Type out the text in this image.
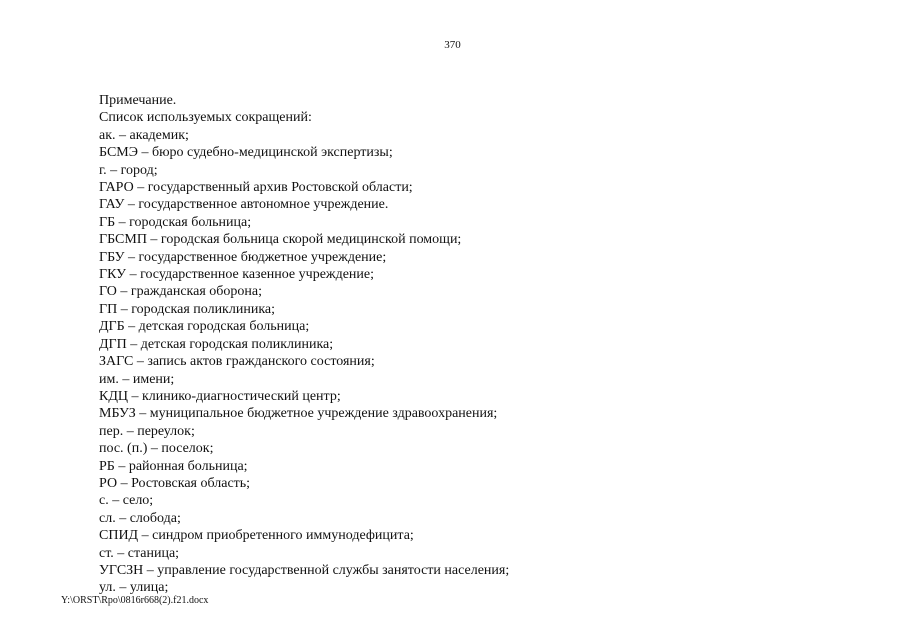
370
Примечание.
Список используемых сокращений:
ак. – академик;
БСМЭ – бюро судебно-медицинской экспертизы;
г. – город;
ГАРО – государственный архив Ростовской области;
ГАУ – государственное автономное учреждение.
ГБ – городская больница;
ГБСМП – городская больница скорой медицинской помощи;
ГБУ – государственное бюджетное учреждение;
ГКУ – государственное казенное учреждение;
ГО – гражданская оборона;
ГП – городская поликлиника;
ДГБ – детская городская больница;
ДГП – детская городская поликлиника;
ЗАГС – запись актов гражданского состояния;
им. – имени;
КДЦ – клинико-диагностический центр;
МБУЗ – муниципальное бюджетное учреждение здравоохранения;
пер. – переулок;
пос. (п.) – поселок;
РБ – районная больница;
РО – Ростовская область;
с. – село;
сл. – слобода;
СПИД – синдром приобретенного иммунодефицита;
ст. – станица;
УГСЗН – управление государственной службы занятости населения;
ул. – улица;
Y:\ORST\Rpo\0816r668(2).f21.docx
